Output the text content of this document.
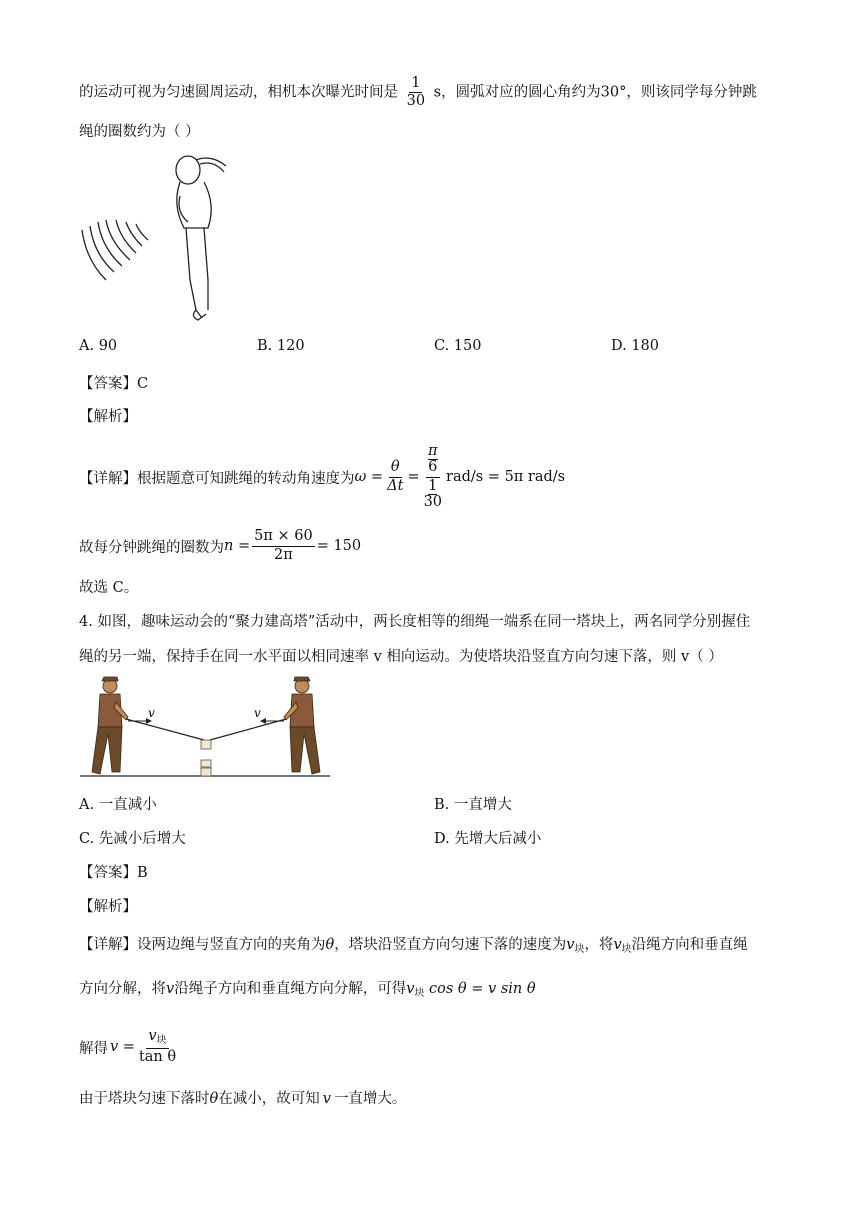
的运动可视为匀速圆周运动，相机本次曝光时间是 $\frac{1}{30}$ s，圆弧对应的圆心角约为30°，则该同学每分钟跳
绳的圈数约为（ ）
A. 90	B. 120	C. 150	D. 180
【答案】C
【解析】
【详解】根据题意可知跳绳的转动角速度为 $\omega = \frac{\theta}{\Delta t} = \pi$
6
1
30 rad/s = 5π rad/s
故每分钟跳绳的圈数为 $n = \frac{5\pi \times 60}{2\pi} = 150$
故选 C。
4. 如图，趣味运动会的“聚力建高塔”活动中，两长度相等的细绳一端系在同一塔块上，两名同学分别握住
绳的另一端，保持手在同一水平面以相同速率 v 相向运动。为使塔块沿竖直方向匀速下落，则 v（ ）
v	v
A. 一直减小	B. 一直增大
C. 先减小后增大	D. 先增大后减小
【答案】B
【解析】
【详解】设两边绳与竖直方向的夹角为θ，塔块沿竖直方向匀速下落的速度为$v_块$，将$v_块$沿绳方向和垂直绳
方向分解，将v沿绳子方向和垂直绳方向分解，可得$v_块$ cos θ = v sin θ
解得 $v = \frac{v_块}{\text{tan θ}}$
由于塔块匀速下落时θ在减小，故可知 v 一直增大。
